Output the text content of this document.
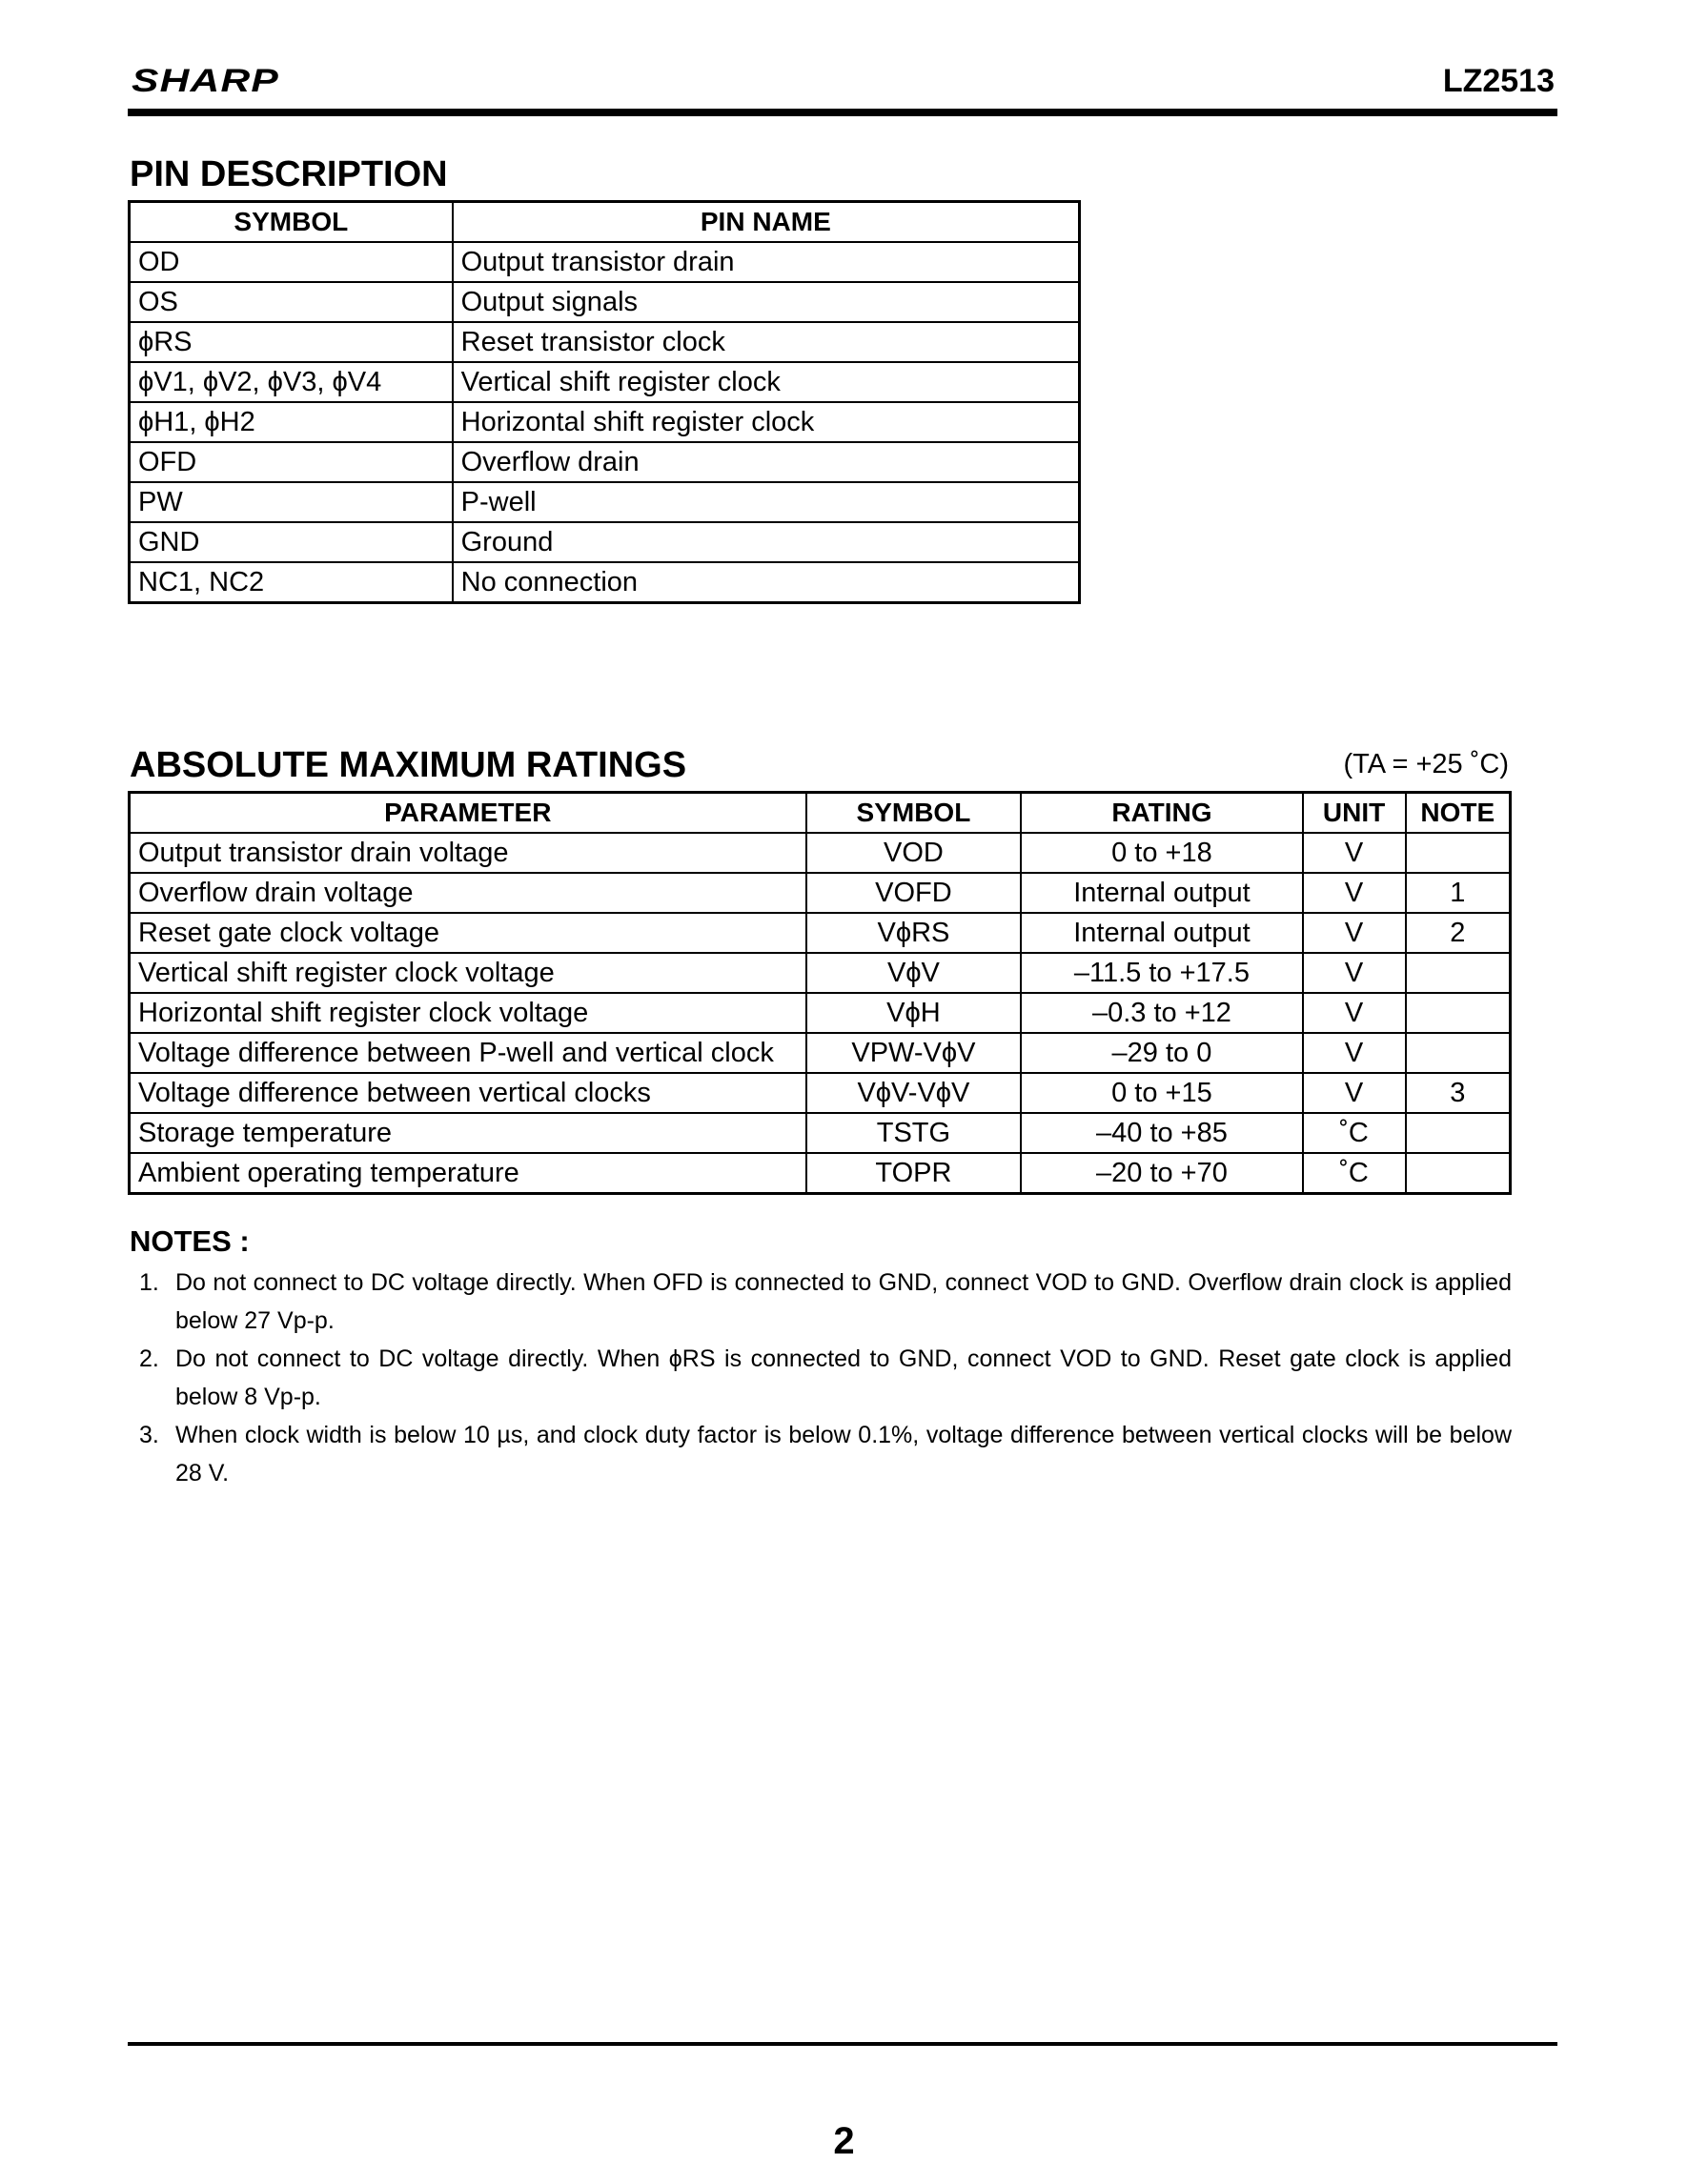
SHARP	LZ2513
PIN DESCRIPTION
SYMBOL	PIN NAME
OD	Output transistor drain
OS	Output signals
ϕRS	Reset transistor clock
ϕV1, ϕV2, ϕV3, ϕV4	Vertical shift register clock
ϕH1, ϕH2	Horizontal shift register clock
OFD	Overflow drain
PW	P-well
GND	Ground
NC1, NC2	No connection
ABSOLUTE MAXIMUM RATINGS	(TA = +25 ˚C)
PARAMETER	SYMBOL	RATING	UNIT	NOTE
Output transistor drain voltage	VOD	0 to +18	V	
Overflow drain voltage	VOFD	Internal output	V	1
Reset gate clock voltage	VϕRS	Internal output	V	2
Vertical shift register clock voltage	VϕV	–11.5 to +17.5	V	
Horizontal shift register clock voltage	VϕH	–0.3 to +12	V	
Voltage difference between P-well and vertical clock	VPW-VϕV	–29 to 0	V	
Voltage difference between vertical clocks	VϕV-VϕV	0 to +15	V	3
Storage temperature	TSTG	–40 to +85	˚C	
Ambient operating temperature	TOPR	–20 to +70	˚C	
NOTES :
1. Do not connect to DC voltage directly. When OFD is connected to GND, connect VOD to GND. Overflow drain clock is applied below 27 Vp-p.
2. Do not connect to DC voltage directly. When ϕRS is connected to GND, connect VOD to GND. Reset gate clock is applied below 8 Vp-p.
3. When clock width is below 10 µs, and clock duty factor is below 0.1%, voltage difference between vertical clocks will be below 28 V.
2
